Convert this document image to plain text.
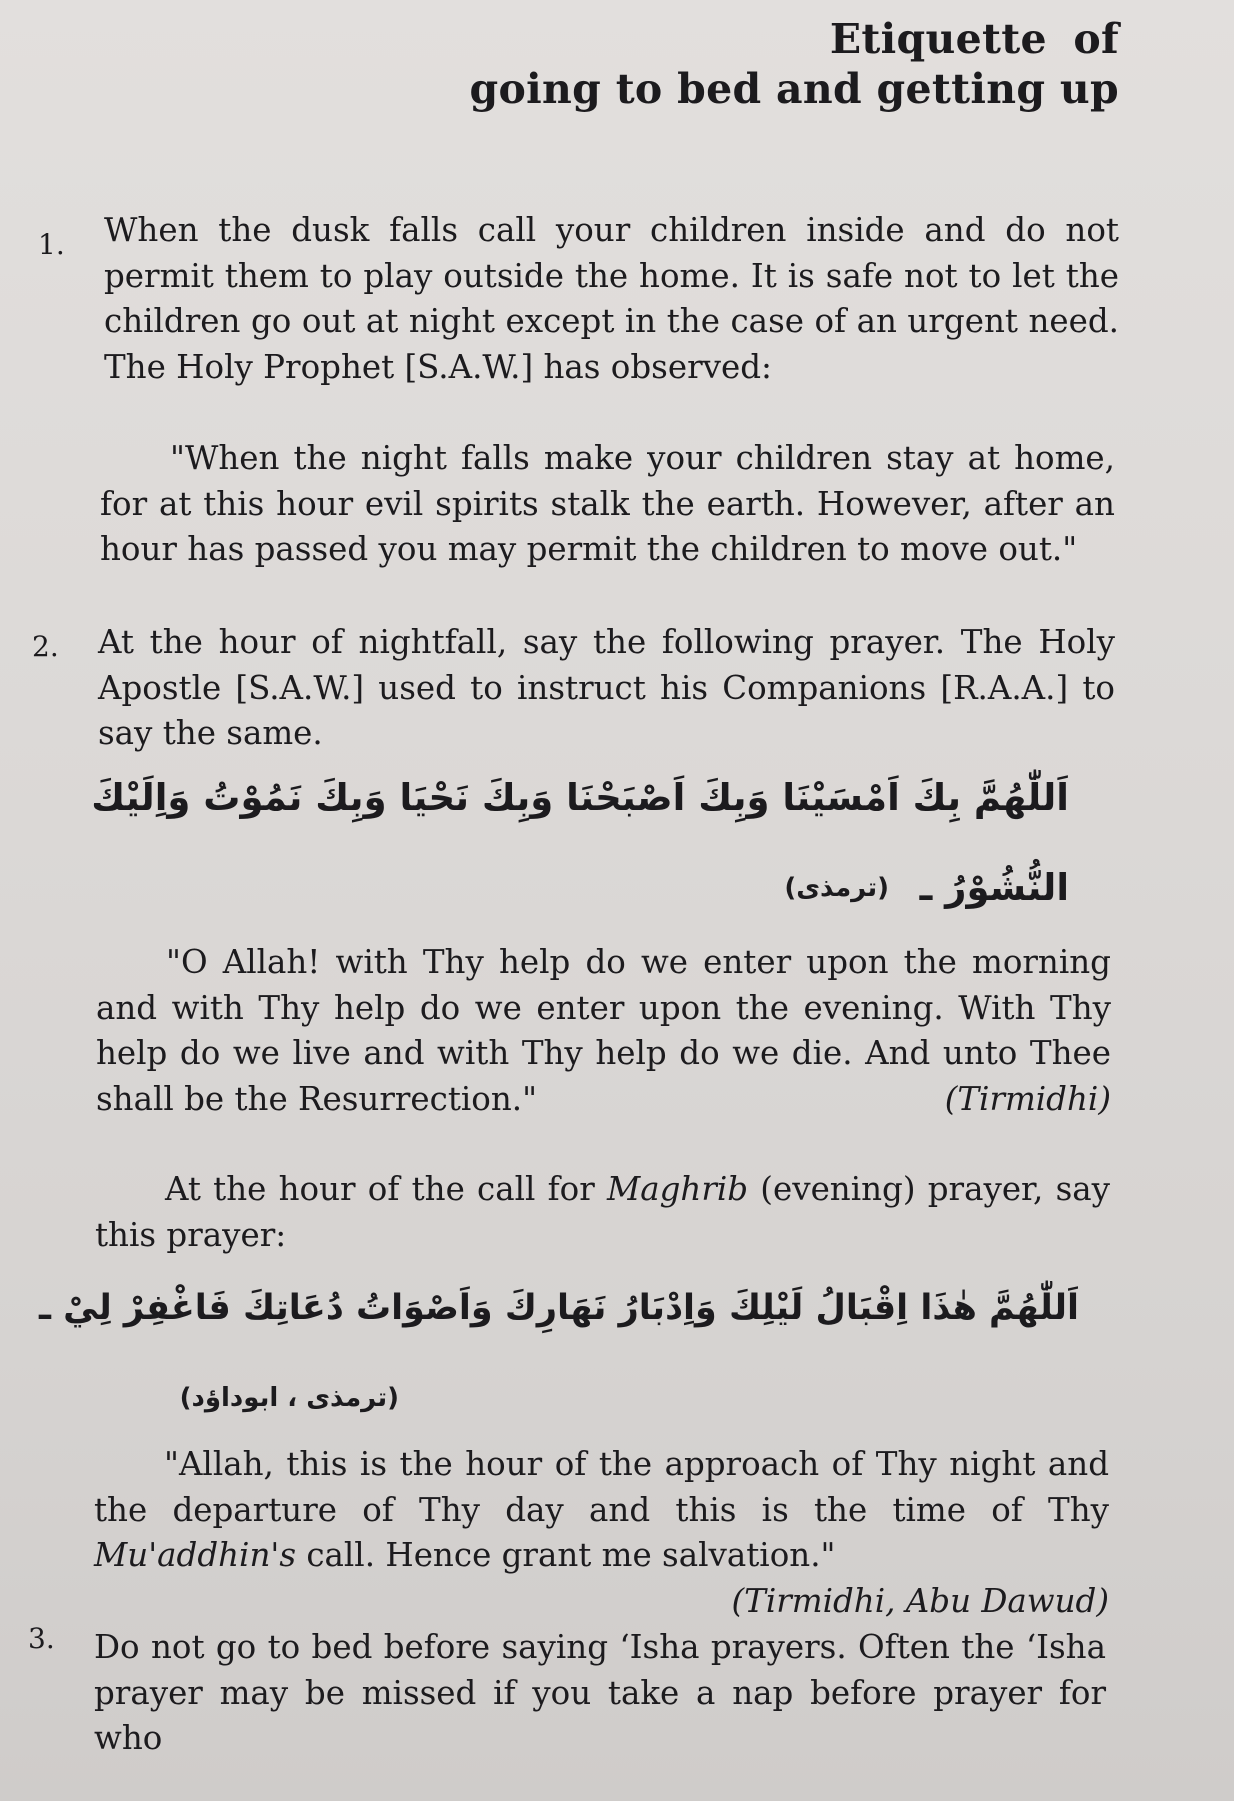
Etiquette of
going to bed and getting up
1. When the dusk falls call your children inside and do not permit them to play outside the home. It is safe not to let the children go out at night except in the case of an urgent need. The Holy Prophet [S.A.W.] has observed:
"When the night falls make your children stay at home, for at this hour evil spirits stalk the earth. However, after an hour has passed you may permit the children to move out."
2. At the hour of nightfall, say the following prayer. The Holy Apostle [S.A.W.] used to instruct his Companions [R.A.A.] to say the same.
اَللّٰهُمَّ بِكَ اَمْسَيْنَا وَبِكَ اَصْبَحْنَا وَبِكَ نَحْيَا وَبِكَ نَمُوْتُ وَاِلَيْكَ
النُّشُوْرُ ـ
(ترمذی)
"O Allah! with Thy help do we enter upon the morning and with Thy help do we enter upon the evening. With Thy help do we live and with Thy help do we die. And unto Thee shall be the Resurrection."	(Tirmidhi)
At the hour of the call for Maghrib (evening) prayer, say this prayer:
اَللّٰهُمَّ هٰذَا اِقْبَالُ لَيْلِكَ وَاِدْبَارُ نَهَارِكَ وَاَصْوَاتُ دُعَاتِكَ فَاغْفِرْ لِيْ ـ
(ترمذی ، ابوداؤد)
"Allah, this is the hour of the approach of Thy night and the departure of Thy day and this is the time of Thy Mu'addhin's call. Hence grant me salvation."
(Tirmidhi, Abu Dawud)
3. Do not go to bed before saying ‘Isha prayers. Often the ‘Isha prayer may be missed if you take a nap before prayer for who
